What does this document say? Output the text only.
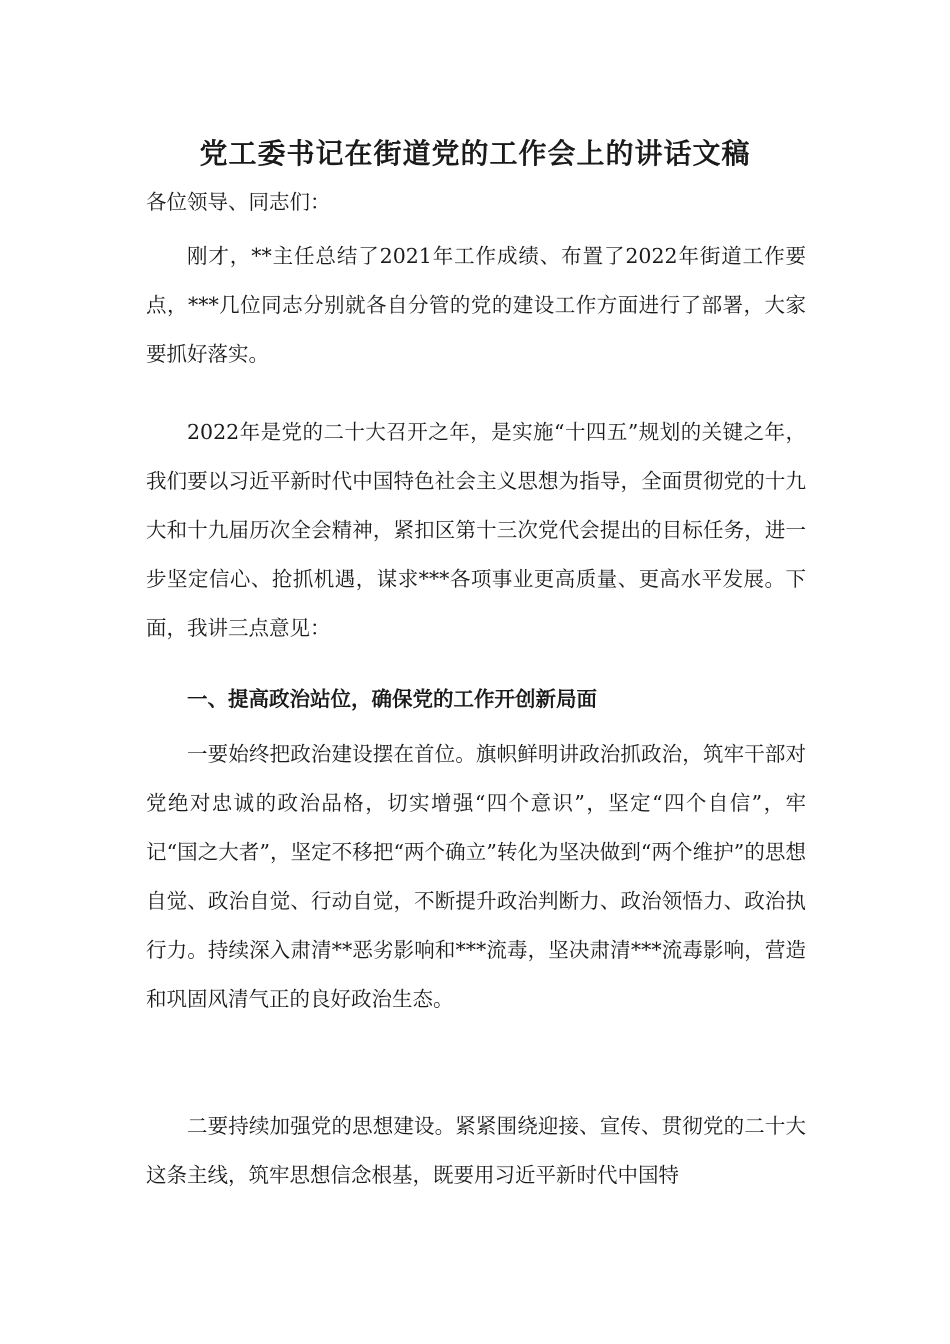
党工委书记在街道党的工作会上的讲话文稿

各位领导、同志们：

刚才，**主任总结了2021年工作成绩、布置了2022年街道工作要点，***几位同志分别就各自分管的党的建设工作方面进行了部署，大家要抓好落实。

2022年是党的二十大召开之年，是实施“十四五”规划的关键之年，我们要以习近平新时代中国特色社会主义思想为指导，全面贯彻党的十九大和十九届历次全会精神，紧扣区第十三次党代会提出的目标任务，进一步坚定信心、抢抓机遇，谋求***各项事业更高质量、更高水平发展。下面，我讲三点意见：

一、提高政治站位，确保党的工作开创新局面

一要始终把政治建设摆在首位。旗帜鲜明讲政治抓政治，筑牢干部对党绝对忠诚的政治品格，切实增强“四个意识”，坚定“四个自信”，牢记“国之大者”，坚定不移把“两个确立”转化为坚决做到“两个维护”的思想自觉、政治自觉、行动自觉，不断提升政治判断力、政治领悟力、政治执行力。持续深入肃清**恶劣影响和***流毒，坚决肃清***流毒影响，营造和巩固风清气正的良好政治生态。

二要持续加强党的思想建设。紧紧围绕迎接、宣传、贯彻党的二十大这条主线，筑牢思想信念根基，既要用习近平新时代中国特
